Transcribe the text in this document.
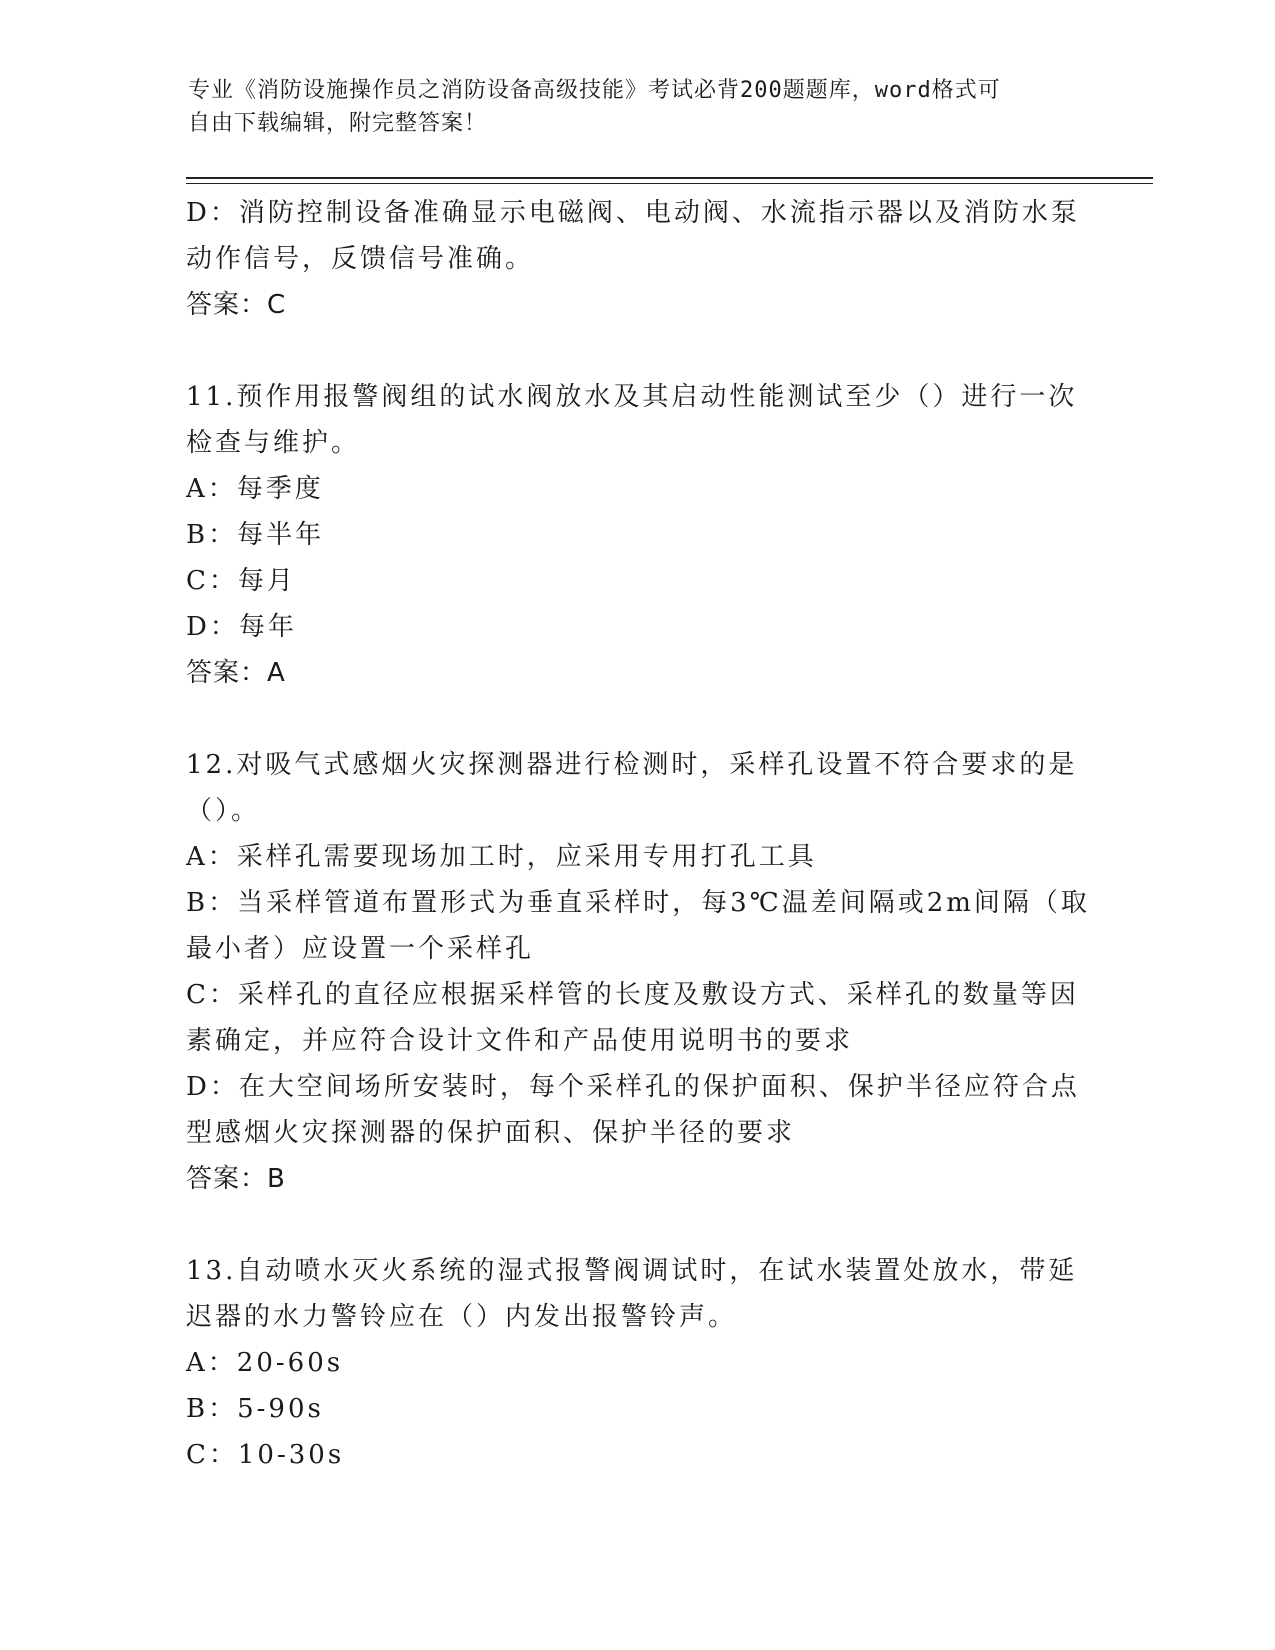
专业《消防设施操作员之消防设备高级技能》考试必背200题题库，word格式可
自由下载编辑，附完整答案！
D：消防控制设备准确显示电磁阀、电动阀、水流指示器以及消防水泵
动作信号，反馈信号准确。
答案：C
11.预作用报警阀组的试水阀放水及其启动性能测试至少（）进行一次
检查与维护。
A：每季度
B：每半年
C：每月
D：每年
答案：A
12.对吸气式感烟火灾探测器进行检测时，采样孔设置不符合要求的是
（）。
A：采样孔需要现场加工时，应采用专用打孔工具
B：当采样管道布置形式为垂直采样时，每3℃温差间隔或2m间隔（取
最小者）应设置一个采样孔
C：采样孔的直径应根据采样管的长度及敷设方式、采样孔的数量等因
素确定，并应符合设计文件和产品使用说明书的要求
D：在大空间场所安装时，每个采样孔的保护面积、保护半径应符合点
型感烟火灾探测器的保护面积、保护半径的要求
答案：B
13.自动喷水灭火系统的湿式报警阀调试时，在试水装置处放水，带延
迟器的水力警铃应在（）内发出报警铃声。
A：20-60s
B：5-90s
C：10-30s
